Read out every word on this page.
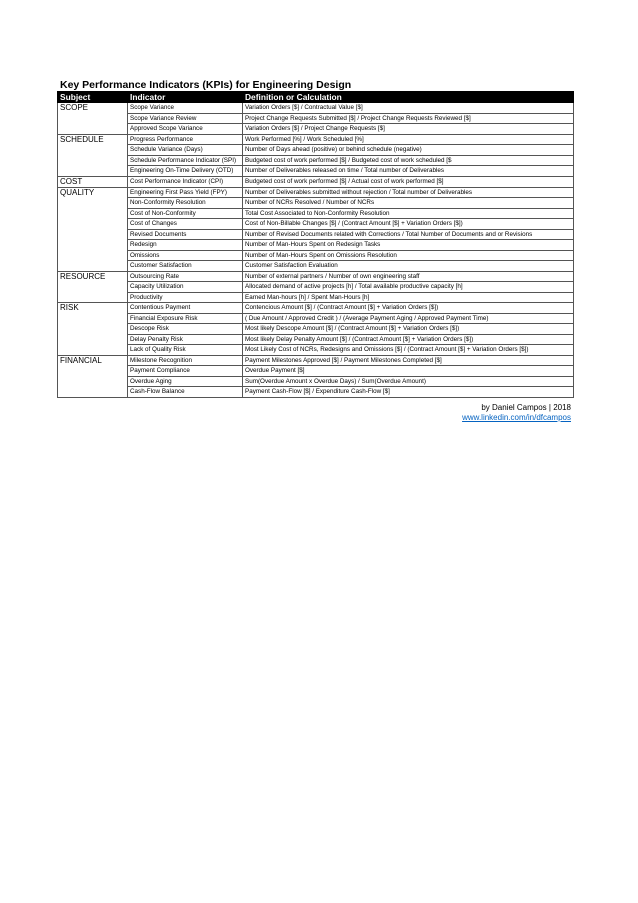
Key Performance Indicators (KPIs) for Engineering Design
Subject	Indicator	Definition or Calculation
SCOPE	Scope Variance	Variation Orders [$] / Contractual Value [$]
	Scope Variance Review	Project Change Requests Submitted [$] / Project Change Requests Reviewed [$]
	Approved Scope Variance	Variation Orders [$] / Project Change Requests [$]
SCHEDULE	Progress Performance	Work Performed [%] / Work Scheduled [%]
	Schedule Variance (Days)	Number of Days ahead (positive) or behind schedule (negative)
	Schedule Performance Indicator (SPI)	Budgeted cost of work performed [$] / Budgeted cost of work scheduled [$
	Engineering On-Time Delivery (OTD)	Number of Deliverables released on time / Total number of Deliverables
COST	Cost Performance Indicator (CPI)	Budgeted cost of work performed [$] / Actual cost of work performed [$]
QUALITY	Engineering First Pass Yield (FPY)	Number of Deliverables submitted without rejection / Total number of Deliverables
	Non-Conformity Resolution	Number of NCRs Resolved / Number of NCRs
	Cost of Non-Conformity	Total Cost Associated to Non-Conformity Resolution
	Cost of Changes	Cost of Non-Billable Changes [$] / (Contract Amount [$] + Variation Orders [$])
	Revised Documents	Number of Revised Documents related with Corrections / Total Number of Documents and or Revisions
	Redesign	Number of Man-Hours Spent on Redesign Tasks
	Omissions	Number of Man-Hours Spent on Omissions Resolution
	Customer Satisfaction	Customer Satisfaction Evaluation
RESOURCE	Outsourcing Rate	Number of external partners / Number of own engineering staff
	Capacity Utilization	Allocated demand of active projects [h] / Total available productive capacity [h]
	Productivity	Earned Man-hours [h] / Spent Man-Hours [h]
RISK	Contentious Payment	Contencious Amount [$] / (Contract Amount [$] + Variation Orders [$])
	Financial Exposure Risk	( Due Amount / Approved Credit ) / (Average Payment Aging / Approved Payment Time)
	Descope Risk	Most likely Descope Amount [$] / (Contract Amount [$] + Variation Orders [$])
	Delay Penalty Risk	Most likely Delay Penalty Amount [$] / (Contract Amount [$] + Variation Orders [$])
	Lack of Quality Risk	Most Likely Cost of NCRs, Redesigns and Omissions [$] / (Contract Amount [$] + Variation Orders [$])
FINANCIAL	Milestone Recognition	Payment Milestones Approved [$] / Payment Milestones Completed [$]
	Payment Compliance	Overdue Payment [$]
	Overdue Aging	Sum(Overdue Amount x Overdue Days) / Sum(Overdue Amount)
	Cash-Flow Balance	Payment Cash-Flow [$] / Expenditure Cash-Flow [$]
by Daniel Campos | 2018
www.linkedin.com/in/dfcampos
